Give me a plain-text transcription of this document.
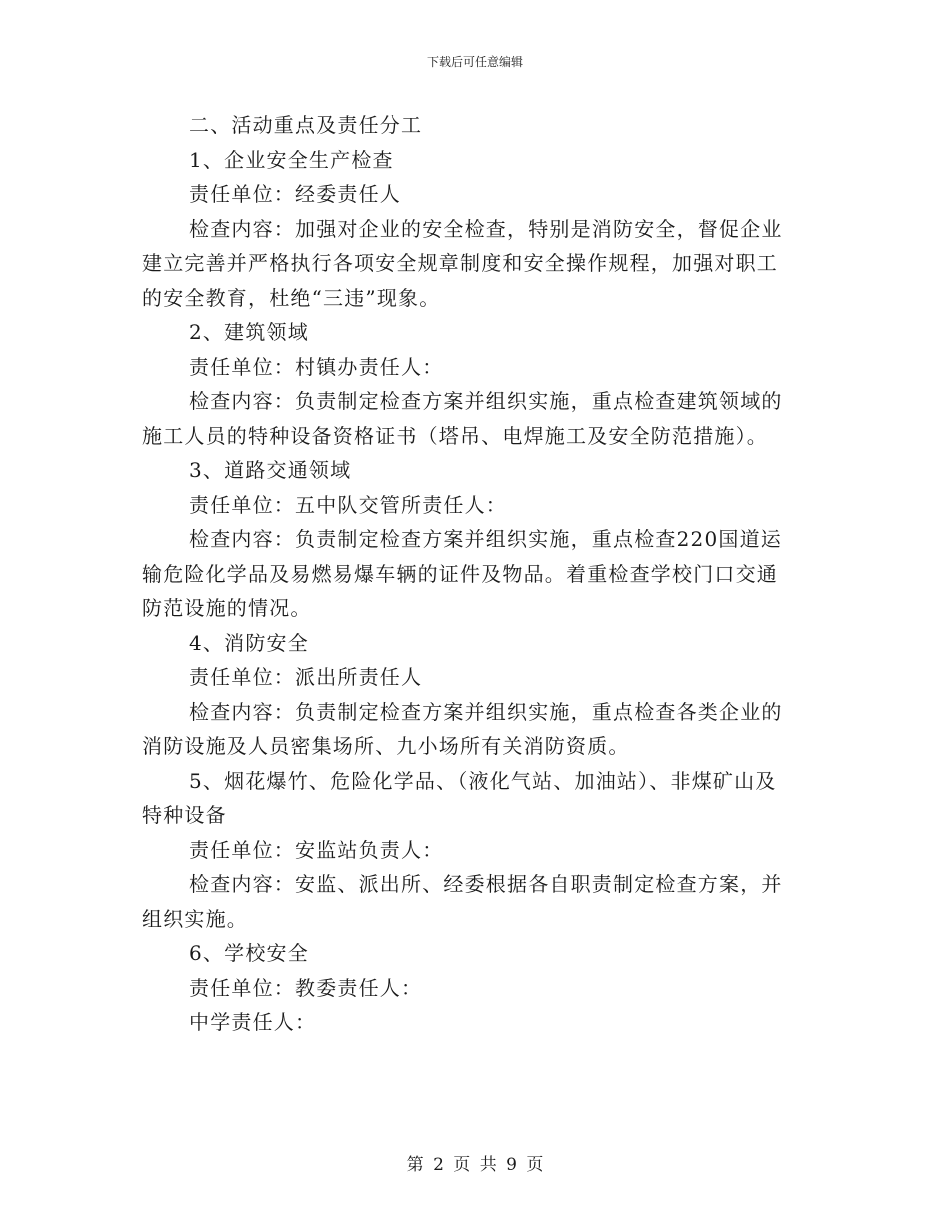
下载后可任意编辑
二、活动重点及责任分工
1、企业安全生产检查
责任单位：经委责任人
检查内容：加强对企业的安全检查，特别是消防安全，督促企业
建立完善并严格执行各项安全规章制度和安全操作规程，加强对职工
的安全教育，杜绝“三违”现象。
2、建筑领域
责任单位：村镇办责任人：
检查内容：负责制定检查方案并组织实施，重点检查建筑领域的
施工人员的特种设备资格证书（塔吊、电焊施工及安全防范措施）。
3、道路交通领域
责任单位：五中队交管所责任人：
检查内容：负责制定检查方案并组织实施，重点检查220国道运
输危险化学品及易燃易爆车辆的证件及物品。着重检查学校门口交通
防范设施的情况。
4、消防安全
责任单位：派出所责任人
检查内容：负责制定检查方案并组织实施，重点检查各类企业的
消防设施及人员密集场所、九小场所有关消防资质。
5、烟花爆竹、危险化学品、（液化气站、加油站）、非煤矿山及
特种设备
责任单位：安监站负责人：
检查内容：安监、派出所、经委根据各自职责制定检查方案，并
组织实施。
6、学校安全
责任单位：教委责任人：
中学责任人：
第 2 页 共 9 页
